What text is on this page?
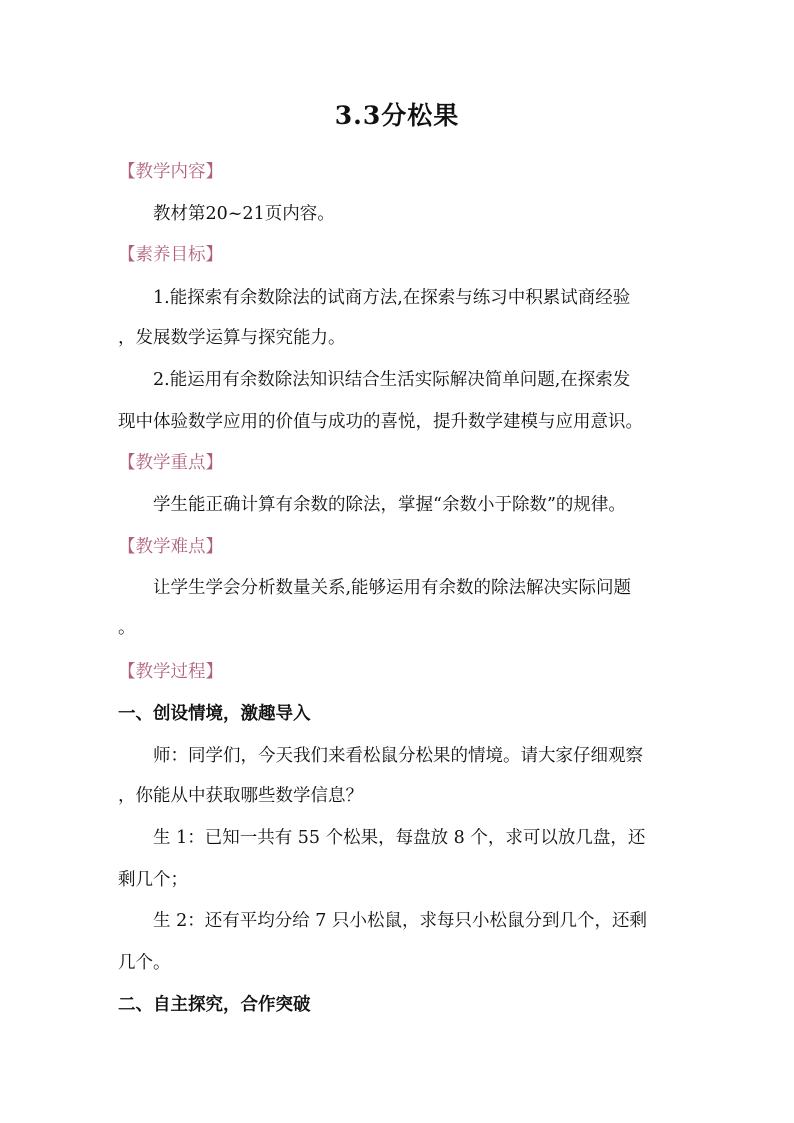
3.3分松果
【教学内容】
教材第20~21页内容。
【素养目标】
1.能探索有余数除法的试商方法,在探索与练习中积累试商经验
，发展数学运算与探究能力。
2.能运用有余数除法知识结合生活实际解决简单问题,在探索发
现中体验数学应用的价值与成功的喜悦，提升数学建模与应用意识。
【教学重点】
学生能正确计算有余数的除法，掌握“余数小于除数”的规律。
【教学难点】
让学生学会分析数量关系,能够运用有余数的除法解决实际问题
。
【教学过程】
一、创设情境，激趣导入
师：同学们，今天我们来看松鼠分松果的情境。请大家仔细观察
，你能从中获取哪些数学信息？
生 1：已知一共有 55 个松果，每盘放 8 个，求可以放几盘，还
剩几个；
生 2：还有平均分给 7 只小松鼠，求每只小松鼠分到几个，还剩
几个。
二、自主探究，合作突破
